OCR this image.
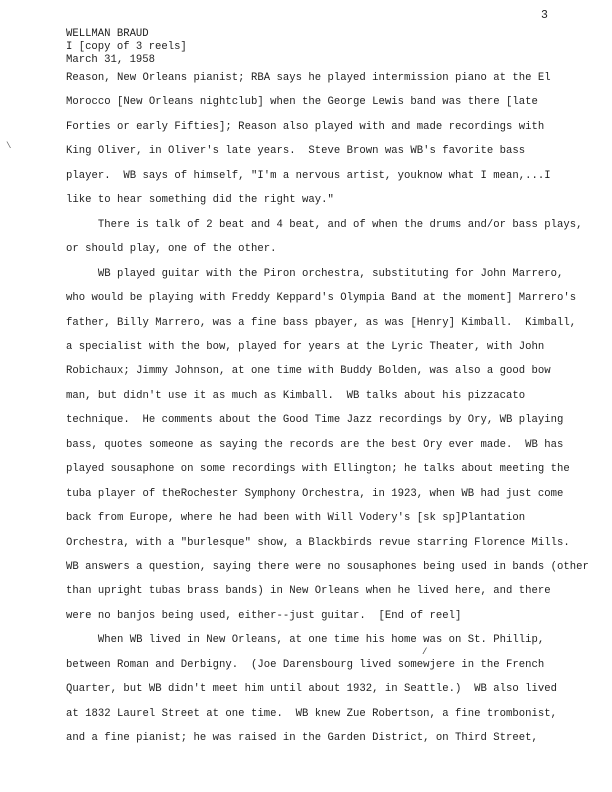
3
WELLMAN BRAUD
I [copy of 3 reels]
March 31, 1958
\
/
Reason, New Orleans pianist; RBA says he played intermission piano at the El
Morocco [New Orleans nightclub] when the George Lewis band was there [late
Forties or early Fifties]; Reason also played with and made recordings with
King Oliver, in Oliver's late years.  Steve Brown was WB's favorite bass
player.  WB says of himself, "I'm a nervous artist, youknow what I mean,...I
like to hear something did the right way."
There is talk of 2 beat and 4 beat, and of when the drums and/or bass plays,
or should play, one of the other.
WB played guitar with the Piron orchestra, substituting for John Marrero,
who would be playing with Freddy Keppard's Olympia Band at the moment] Marrero's
father, Billy Marrero, was a fine bass pbayer, as was [Henry] Kimball.  Kimball,
a specialist with the bow, played for years at the Lyric Theater, with John
Robichaux; Jimmy Johnson, at one time with Buddy Bolden, was also a good bow
man, but didn't use it as much as Kimball.  WB talks about his pizzacato
technique.  He comments about the Good Time Jazz recordings by Ory, WB playing
bass, quotes someone as saying the records are the best Ory ever made.  WB has
played sousaphone on some recordings with Ellington; he talks about meeting the
tuba player of theRochester Symphony Orchestra, in 1923, when WB had just come
back from Europe, where he had been with Will Vodery's [sk sp]Plantation
Orchestra, with a "burlesque" show, a Blackbirds revue starring Florence Mills.
WB answers a question, saying there were no sousaphones being used in bands (other
than upright tubas brass bands) in New Orleans when he lived here, and there
were no banjos being used, either--just guitar.  [End of reel]
When WB lived in New Orleans, at one time his home was on St. Phillip,
between Roman and Derbigny.  (Joe Darensbourg lived somewjere in the French
Quarter, but WB didn't meet him until about 1932, in Seattle.)  WB also lived
at 1832 Laurel Street at one time.  WB knew Zue Robertson, a fine trombonist,
and a fine pianist; he was raised in the Garden District, on Third Street,
